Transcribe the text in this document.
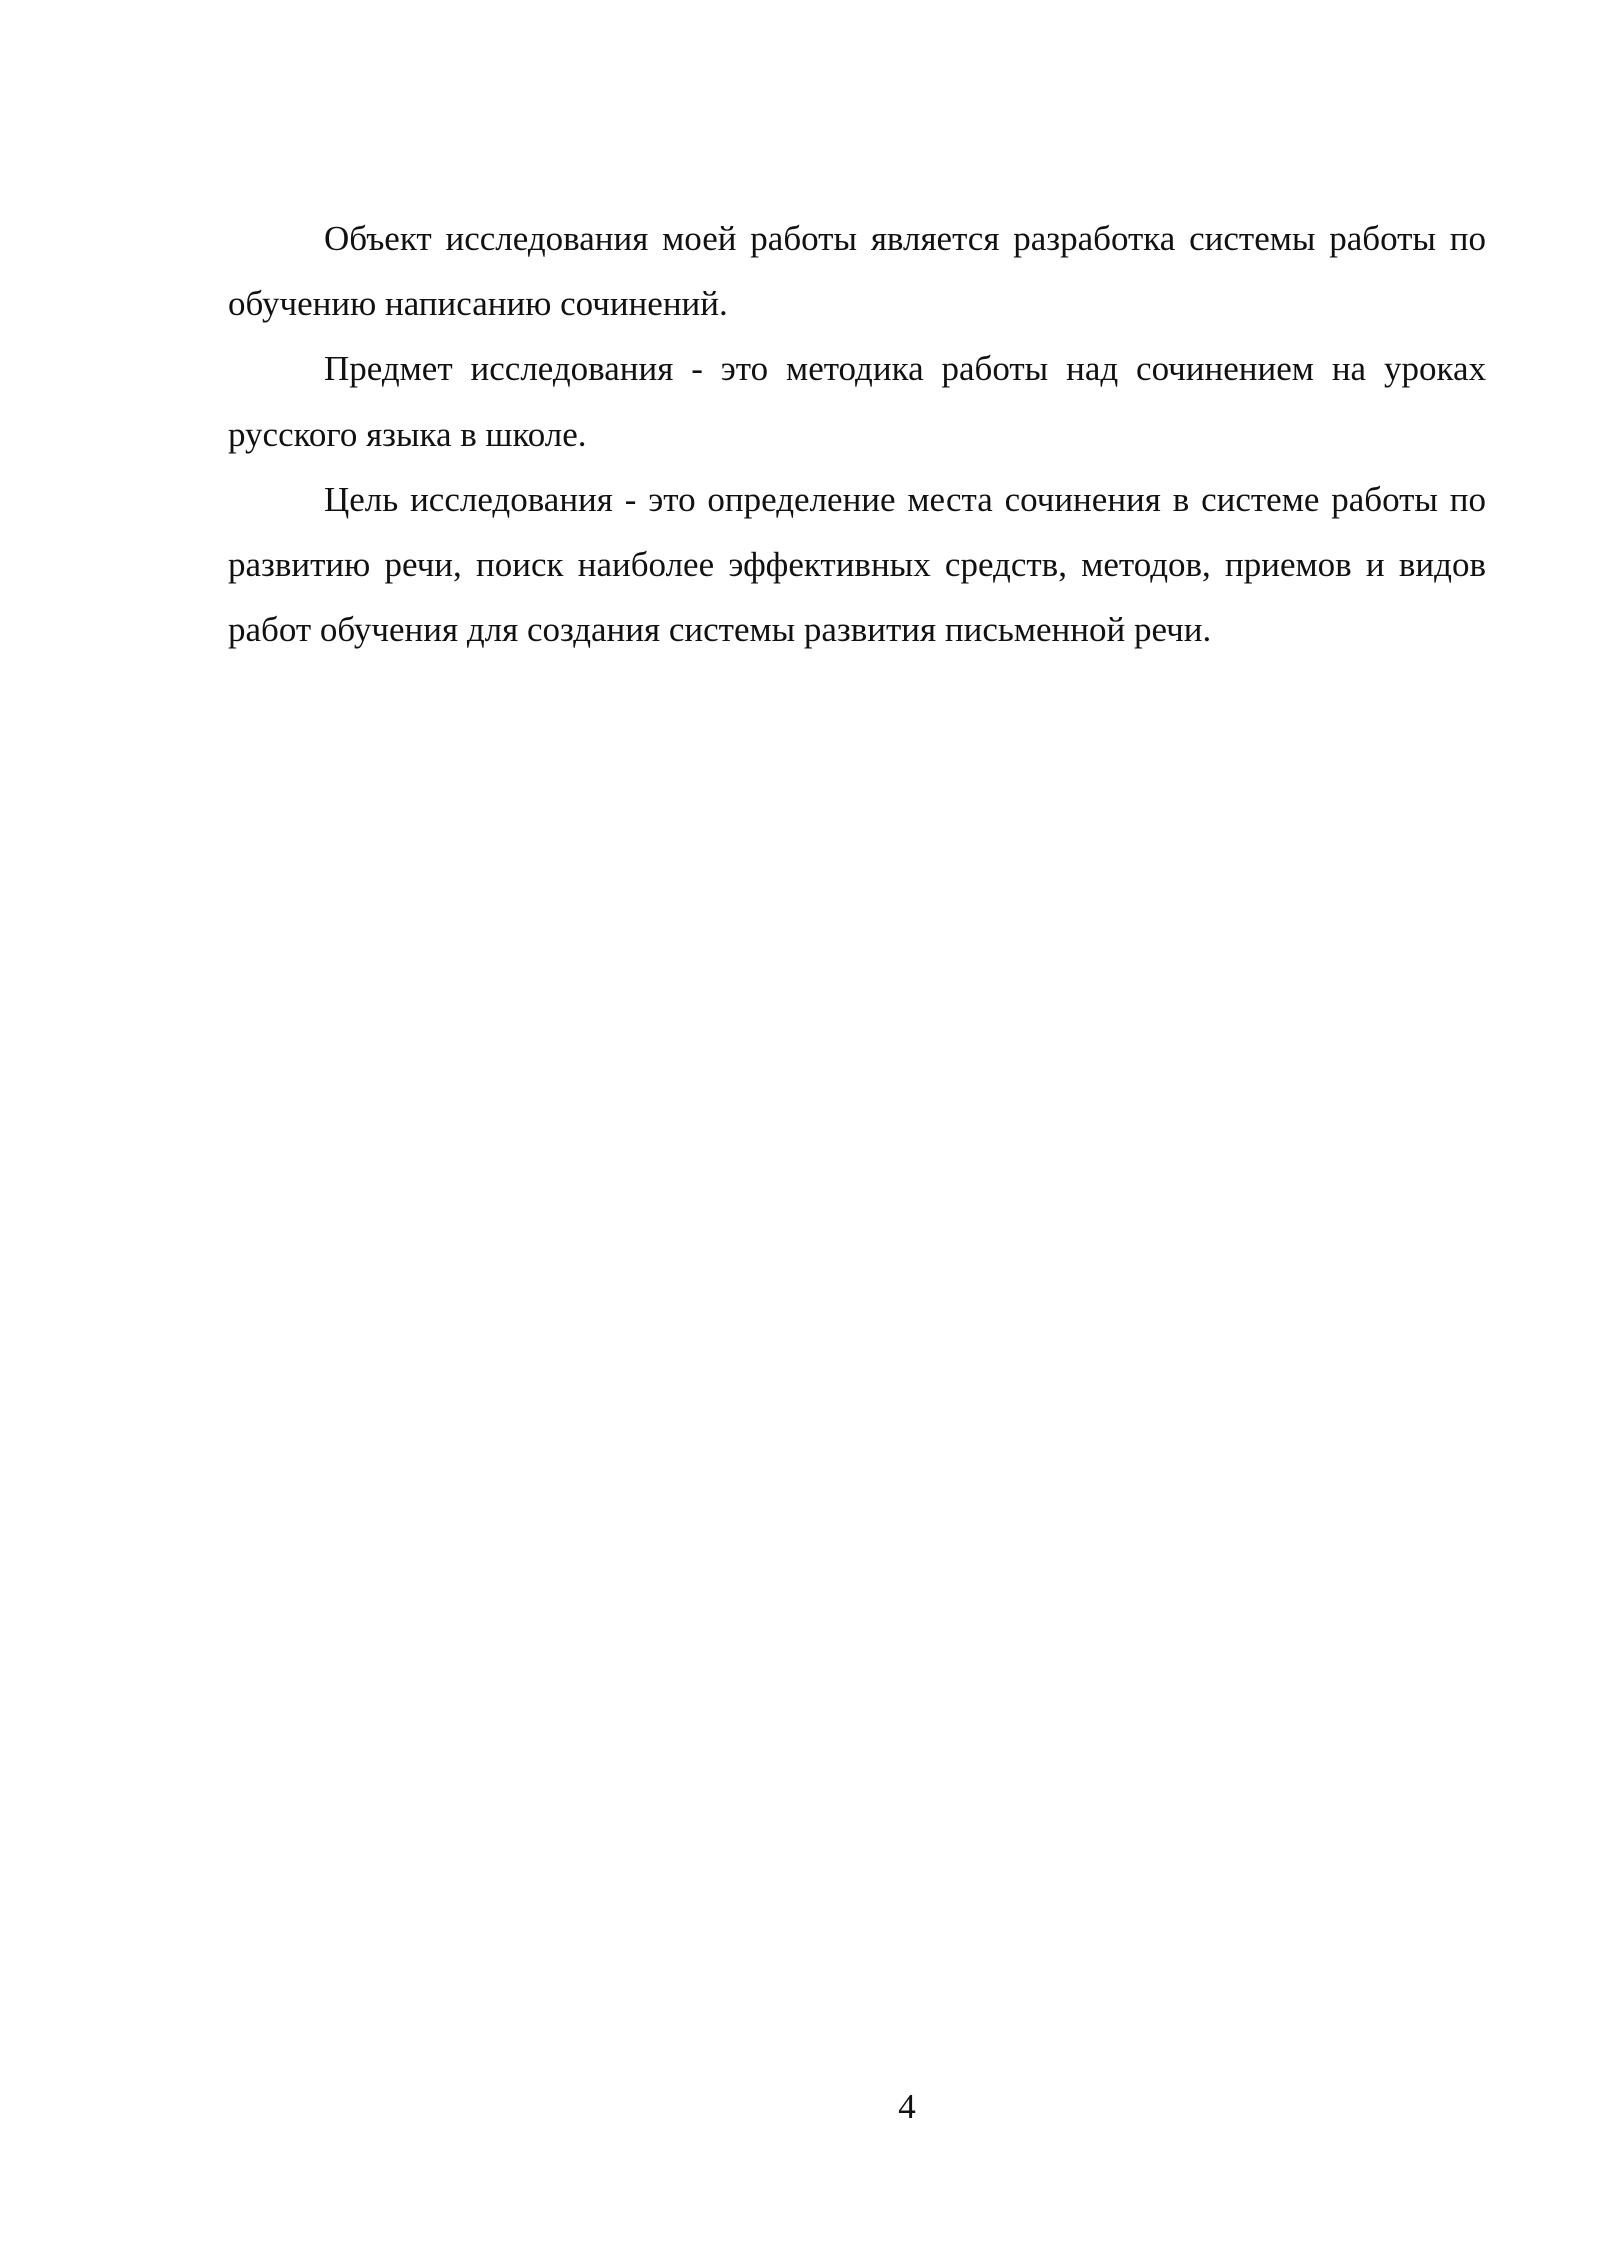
Объект исследования моей работы является разработка системы работы по обучению написанию сочинений.

Предмет исследования - это методика работы над сочинением на уроках русского языка в школе.

Цель исследования - это определение места сочинения в системе работы по развитию речи, поиск наиболее эффективных средств, методов, приемов и видов работ обучения для создания системы развития письменной речи.

4
